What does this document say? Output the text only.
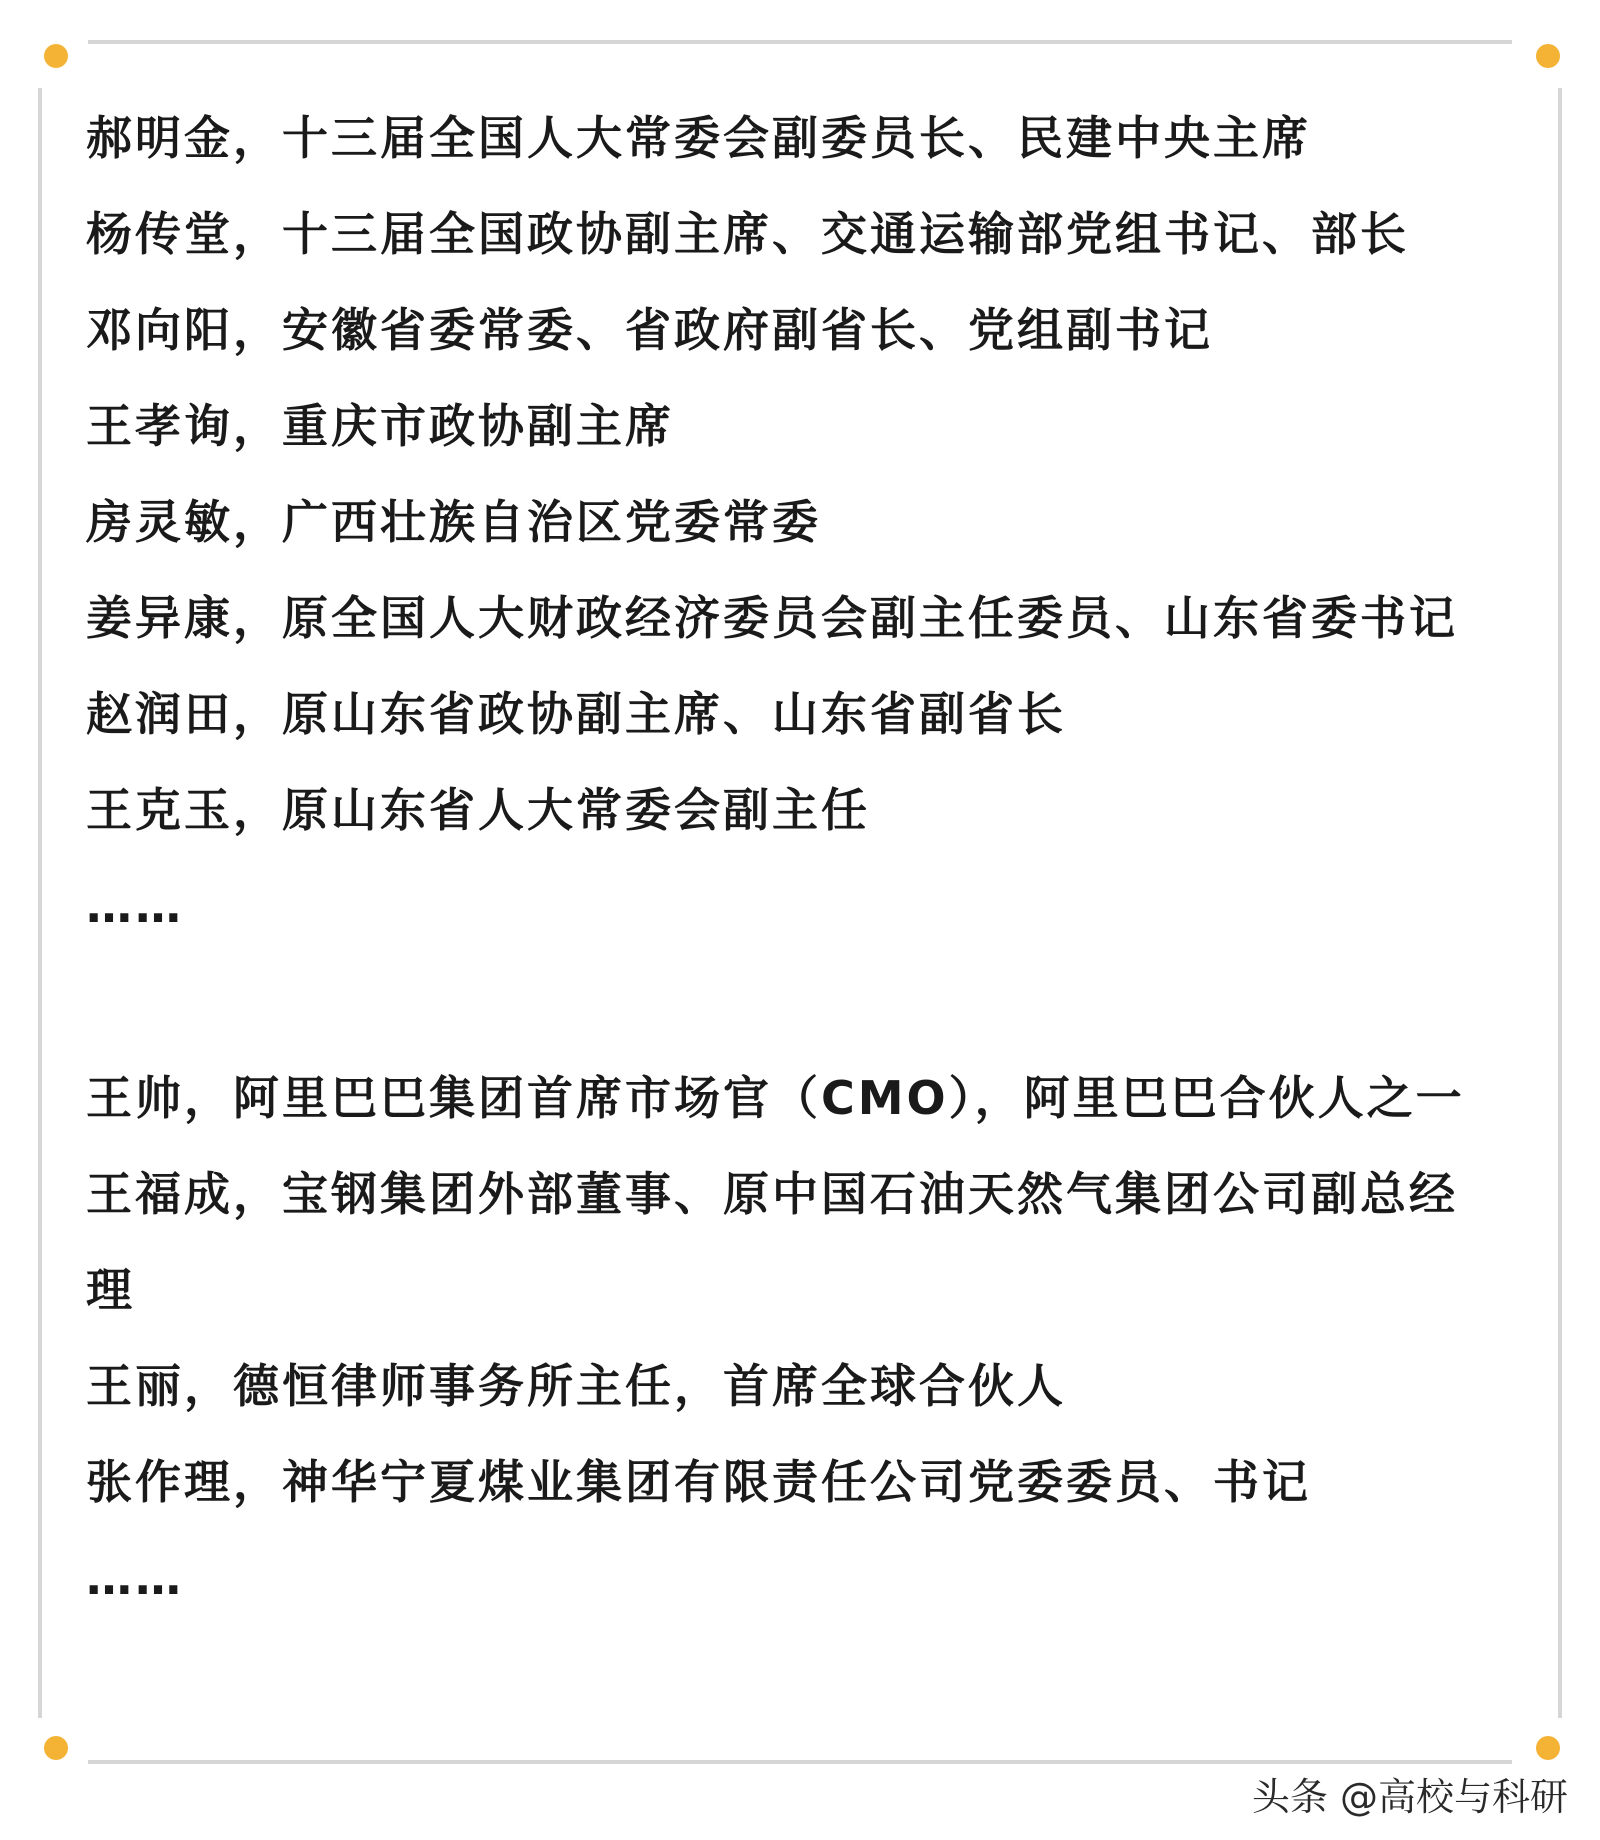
郝明金，十三届全国人大常委会副委员长、民建中央主席
杨传堂，十三届全国政协副主席、交通运输部党组书记、部长
邓向阳，安徽省委常委、省政府副省长、党组副书记
王孝询，重庆市政协副主席
房灵敏，广西壮族自治区党委常委
姜异康，原全国人大财政经济委员会副主任委员、山东省委书记
赵润田，原山东省政协副主席、山东省副省长
王克玉，原山东省人大常委会副主任
……
王帅，阿里巴巴集团首席市场官（CMO），阿里巴巴合伙人之一
王福成，宝钢集团外部董事、原中国石油天然气集团公司副总经
理
王丽，德恒律师事务所主任，首席全球合伙人
张作理，神华宁夏煤业集团有限责任公司党委委员、书记
……
头条 @高校与科研
